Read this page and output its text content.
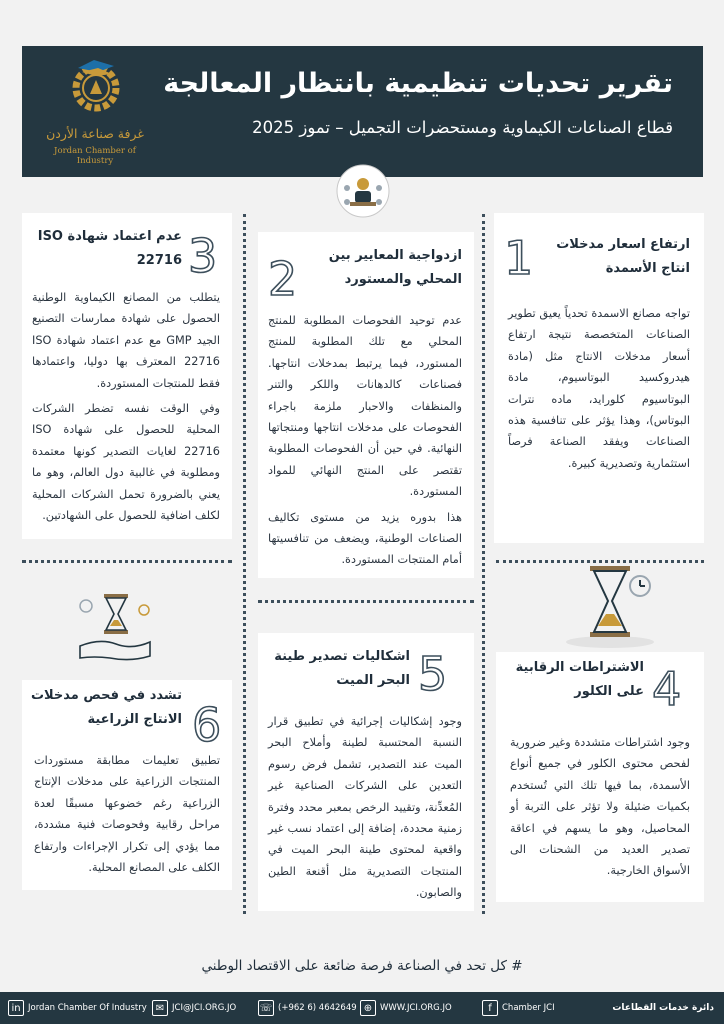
غرفة صناعة الأردن
Jordan Chamber of Industry
تقرير تحديات تنظيمية بانتظار المعالجة
قطاع الصناعات الكيماوية ومستحضرات التجميل – تموز 2025
1	ارتفاع اسعار مدخلات انتاج الأسمدة

تواجه مصانع الاسمدة تحدياً يعيق تطوير الصناعات المتخصصة نتيجة ارتفاع أسعار مدخلات الانتاج مثل (مادة هيدروكسيد البوتاسيوم، مادة البوتاسيوم كلورايد، ماده نترات البوتاس)، وهذا يؤثر على تنافسية هذه الصناعات ويفقد الصناعة فرصاً استثمارية وتصديرية كبيرة.

2	ازدواجية المعايير بين المحلي والمستورد

عدم توحيد الفحوصات المطلوبة للمنتج المحلي مع تلك المطلوبة للمنتج المستورد، فيما يرتبط بمدخلات انتاجها. فصناعات كالدهانات واللكر والتنر والمنظفات والاحبار ملزمة باجراء الفحوصات على مدخلات انتاجها ومنتجاتها النهائية. في حين أن الفحوصات المطلوبة تقتصر على المنتج النهائي للمواد المستوردة.

هذا بدوره يزيد من مستوى تكاليف الصناعات الوطنية، ويضعف من تنافسيتها أمام المنتجات المستوردة.

3
عدم اعتماد شهادة ISO 22716

يتطلب من المصانع الكيماوية الوطنية الحصول على شهادة ممارسات التصنيع الجيد GMP مع عدم اعتماد شهادة ISO 22716 المعترف بها دوليا، واعتمادها فقط للمنتجات المستوردة.

وفي الوقت نفسه تضطر الشركات المحلية للحصول على شهادة ISO 22716 لغايات التصدير كونها معتمدة ومطلوبة في غالبية دول العالم، وهو ما يعني بالضرورة تحمل الشركات المحلية لكلف اضافية للحصول على الشهادتين.

4
الاشتراطات الرقابية على الكلور

وجود اشتراطات متشددة وغير ضرورية لفحص محتوى الكلور في جميع أنواع الأسمدة، بما فيها تلك التي تُستخدم بكميات ضئيلة ولا تؤثر على التربة أو المحاصيل، وهو ما يسهم في اعاقة تصدير العديد من الشحنات الى الأسواق الخارجية.

5
اشكاليات تصدير طينة البحر الميت

وجود إشكاليات إجرائية في تطبيق قرار النسبة المحتسبة لطينة وأملاح البحر الميت عند التصدير، تشمل فرض رسوم التعدين على الشركات الصناعية غير المُعدِّنة، وتقييد الرخص بمعبر محدد وفترة زمنية محددة، إضافة إلى اعتماد نسب غير واقعية لمحتوى طينة البحر الميت في المنتجات التصديرية مثل أقنعة الطين والصابون.

6
تشدد في فحص مدخلات الانتاج الزراعية

تطبيق تعليمات مطابقة مستوردات المنتجات الزراعية على مدخلات الإنتاج الزراعية رغم خضوعها مسبقًا لعدة مراحل رقابية وفحوصات فنية مشددة، مما يؤدي إلى تكرار الإجراءات وارتفاع الكلف على المصانع المحلية.

# كل تحد في الصناعة فرصة ضائعة على الاقتصاد الوطني
in Jordan Chamber Of Industry ✉ JCI@JCI.ORG.JO ☏ (+962 6) 4642649 ⊕ WWW.JCI.ORG.JO	f	Chamber JCI	دائرة خدمات القطاعات
